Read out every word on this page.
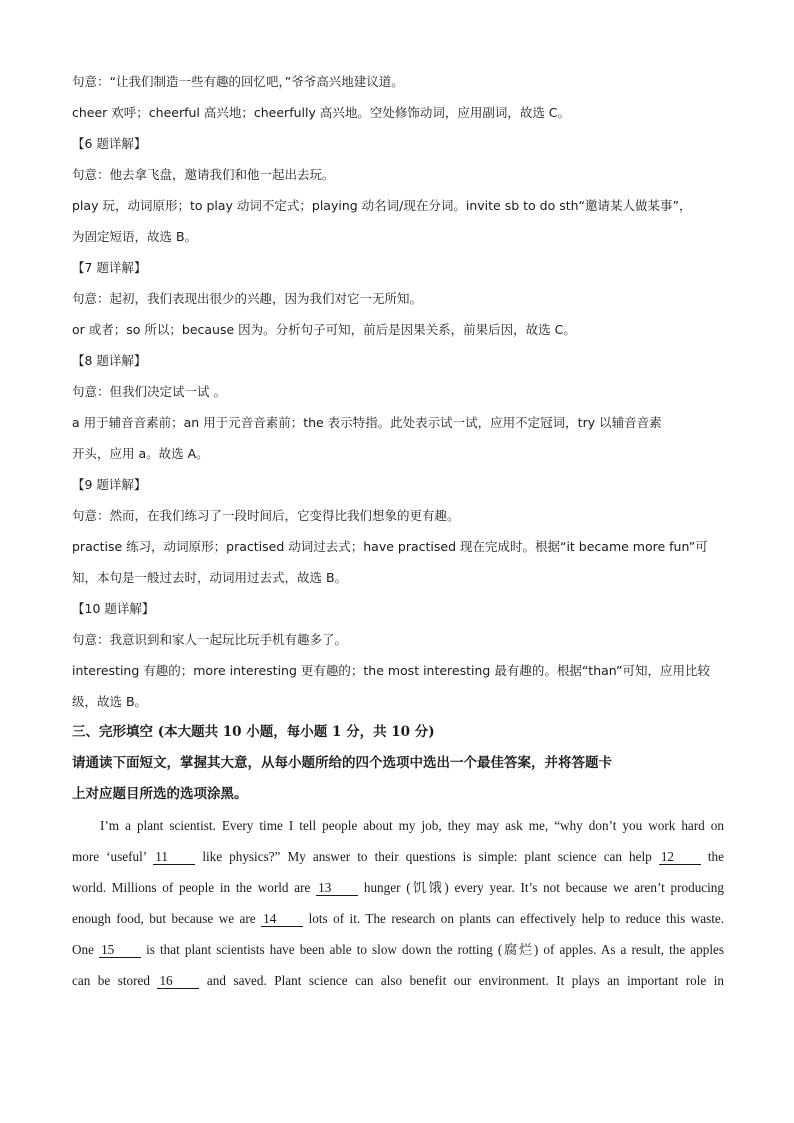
句意：“让我们制造一些有趣的回忆吧，”爷爷高兴地建议道。
cheer 欢呼；cheerful 高兴地；cheerfully 高兴地。空处修饰动词，应用副词，故选 C。
【6 题详解】
句意：他去拿飞盘，邀请我们和他一起出去玩。
play 玩，动词原形；to play 动词不定式；playing 动名词/现在分词。invite sb to do sth“邀请某人做某事”，
为固定短语，故选 B。
【7 题详解】
句意：起初，我们表现出很少的兴趣，因为我们对它一无所知。
or 或者；so 所以；because 因为。分析句子可知，前后是因果关系，前果后因，故选 C。
【8 题详解】
句意：但我们决定试一试 。
a 用于辅音音素前；an 用于元音音素前；the 表示特指。此处表示试一试，应用不定冠词，try 以辅音音素
开头，应用 a。故选 A。
【9 题详解】
句意：然而，在我们练习了一段时间后，它变得比我们想象的更有趣。
practise 练习，动词原形；practised 动词过去式；have practised 现在完成时。根据“it became more fun”可
知，本句是一般过去时，动词用过去式，故选 B。
【10 题详解】
句意：我意识到和家人一起玩比玩手机有趣多了。
interesting 有趣的；more interesting 更有趣的；the most interesting 最有趣的。根据“than”可知，应用比较
级，故选 B。
三、完形填空 (本大题共 10 小题，每小题 1 分，共 10 分)
请通读下面短文，掌握其大意，从每小题所给的四个选项中选出一个最佳答案，并将答题卡
上对应题目所选的选项涂黑。
I’m a plant scientist. Every time I tell people about my job, they may ask me, “why don’t you work hard on
more ‘useful’ 11	like physics?” My answer to their questions is simple: plant science can help 12	the
world. Millions of people in the world are 13 hunger (饥饿) every year. It’s not because we aren’t producing
enough food, but because we are 14 lots of it. The research on plants can effectively help to reduce this waste.
One 15 is that plant scientists have been able to slow down the rotting (腐烂) of apples. As a result, the apples
can be stored 16	and saved. Plant science can also benefit our environment. It plays an important role in
